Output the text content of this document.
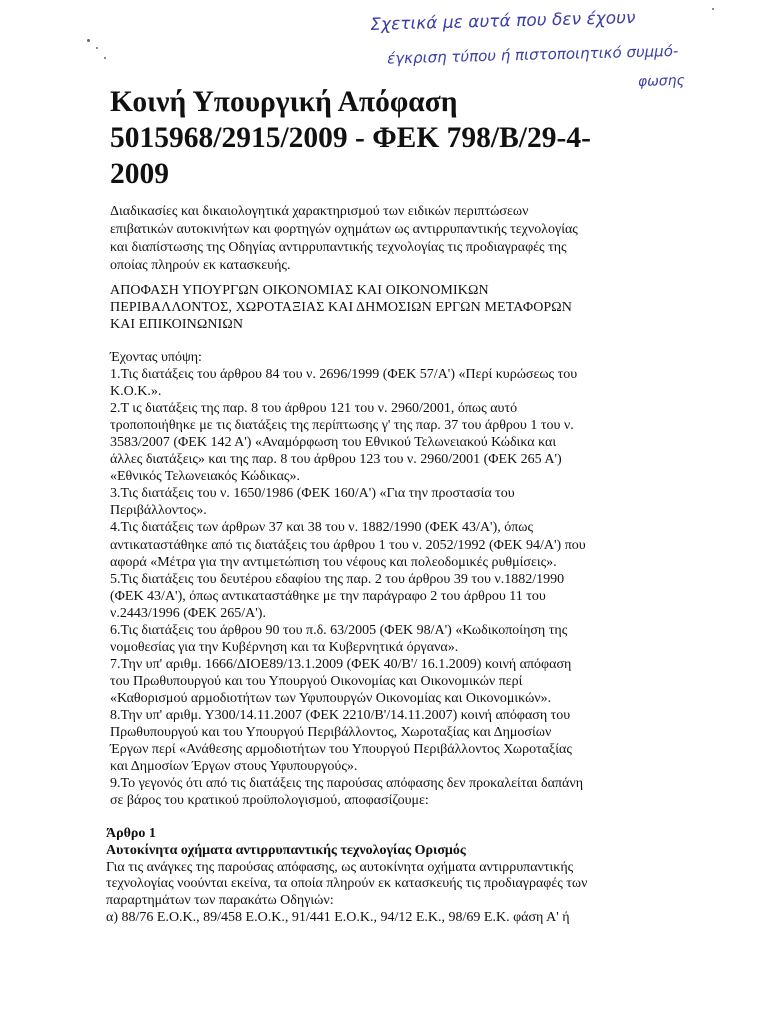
Σχετικά με αυτά που δεν έχουν
έγκριση τύπου ή πιστοποιητικό συμμό-
φωσης
Κοινή Υπουργική Απόφαση
5015968/2915/2009 - ΦΕΚ 798/Β/29-4-
2009
Διαδικασίες και δικαιολογητικά χαρακτηρισμού των ειδικών περιπτώσεων
επιβατικών αυτοκινήτων και φορτηγών οχημάτων ως αντιρρυπαντικής τεχνολογίας
και διαπίστωσης της Οδηγίας αντιρρυπαντικής τεχνολογίας τις προδιαγραφές της
οποίας πληρούν εκ κατασκευής.
ΑΠΟΦΑΣΗ ΥΠΟΥΡΓΩΝ ΟΙΚΟΝΟΜΙΑΣ ΚΑΙ ΟΙΚΟΝΟΜΙΚΩΝ
ΠΕΡΙΒΑΛΛΟΝΤΟΣ, ΧΩΡΟΤΑΞΙΑΣ ΚΑΙ ΔΗΜΟΣΙΩΝ ΕΡΓΩΝ ΜΕΤΑΦΟΡΩΝ
ΚΑΙ ΕΠΙΚΟΙΝΩΝΙΩΝ
Έχοντας υπόψη:
1.Τις διατάξεις του άρθρου 84 του ν. 2696/1999 (ΦΕΚ 57/Α') «Περί κυρώσεως του
Κ.Ο.Κ.».
2.Τ ις διατάξεις της παρ. 8 του άρθρου 121 του ν. 2960/2001, όπως αυτό
τροποποιήθηκε με τις διατάξεις της περίπτωσης γ' της παρ. 37 του άρθρου 1 του ν.
3583/2007 (ΦΕΚ 142 Α') «Αναμόρφωση του Εθνικού Τελωνειακού Κώδικα και
άλλες διατάξεις» και της παρ. 8 του άρθρου 123 του ν. 2960/2001 (ΦΕΚ 265 Α')
«Εθνικός Τελωνειακός Κώδικας».
3.Τις διατάξεις του ν. 1650/1986 (ΦΕΚ 160/Α') «Για την προστασία του
Περιβάλλοντος».
4.Τις διατάξεις των άρθρων 37 και 38 του ν. 1882/1990 (ΦΕΚ 43/Α'), όπως
αντικαταστάθηκε από τις διατάξεις του άρθρου 1 του ν. 2052/1992 (ΦΕΚ 94/Α') που
αφορά «Μέτρα για την αντιμετώπιση του νέφους και πολεοδομικές ρυθμίσεις».
5.Τις διατάξεις του δευτέρου εδαφίου της παρ. 2 του άρθρου 39 του ν.1882/1990
(ΦΕΚ 43/Α'), όπως αντικαταστάθηκε με την παράγραφο 2 του άρθρου 11 του
ν.2443/1996 (ΦΕΚ 265/Α').
6.Τις διατάξεις του άρθρου 90 του π.δ. 63/2005 (ΦΕΚ 98/Α') «Κωδικοποίηση της
νομοθεσίας για την Κυβέρνηση και τα Κυβερνητικά όργανα».
7.Την υπ' αριθμ. 1666/ΔΙΟΕ89/13.1.2009 (ΦΕΚ 40/Β'/ 16.1.2009) κοινή απόφαση
του Πρωθυπουργού και του Υπουργού Οικονομίας και Οικονομικών περί
«Καθορισμού αρμοδιοτήτων των Υφυπουργών Οικονομίας και Οικονομικών».
8.Την υπ' αριθμ. Υ300/14.11.2007 (ΦΕΚ 2210/Β'/14.11.2007) κοινή απόφαση του
Πρωθυπουργού και του Υπουργού Περιβάλλοντος, Χωροταξίας και Δημοσίων
Έργων περί «Ανάθεσης αρμοδιοτήτων του Υπουργού Περιβάλλοντος Χωροταξίας
και Δημοσίων Έργων στους Υφυπουργούς».
9.Το γεγονός ότι από τις διατάξεις της παρούσας απόφασης δεν προκαλείται δαπάνη
σε βάρος του κρατικού προϋπολογισμού, αποφασίζουμε:
Άρθρο 1
Αυτοκίνητα οχήματα αντιρρυπαντικής τεχνολογίας Ορισμός
Για τις ανάγκες της παρούσας απόφασης, ως αυτοκίνητα οχήματα αντιρρυπαντικής
τεχνολογίας νοούνται εκείνα, τα οποία πληρούν εκ κατασκευής τις προδιαγραφές των
παραρτημάτων των παρακάτω Οδηγιών:
α) 88/76 Ε.Ο.Κ., 89/458 Ε.Ο.Κ., 91/441 Ε.Ο.Κ., 94/12 Ε.Κ., 98/69 Ε.Κ. φάση Α' ή
